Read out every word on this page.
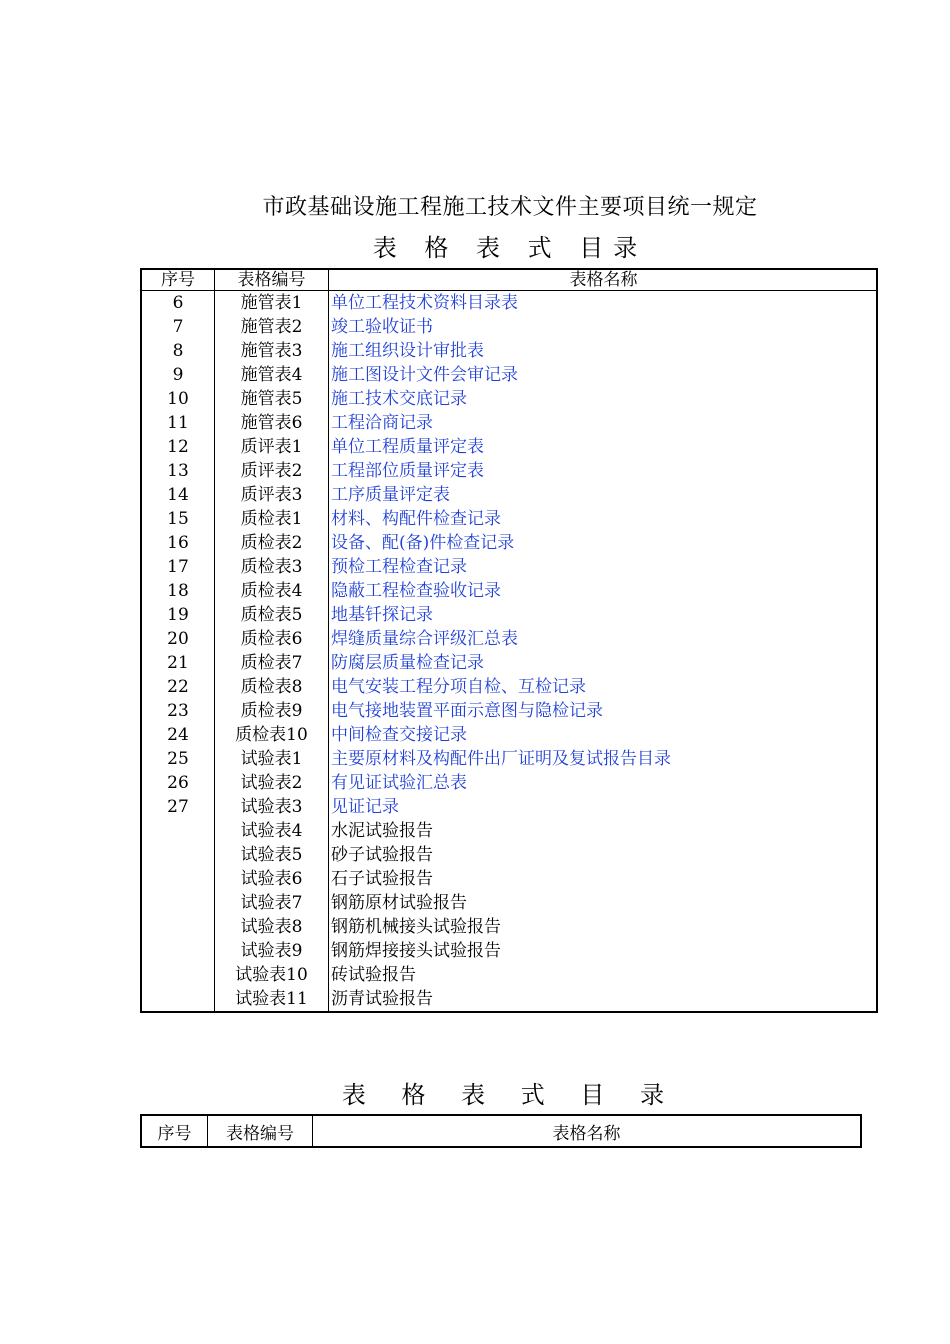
市政基础设施工程施工技术文件主要项目统一规定
表 格 表 式 目录
序号	表格编号	表格名称
6	施管表1	单位工程技术资料目录表
7	施管表2	竣工验收证书
8	施管表3	施工组织设计审批表
9	施管表4	施工图设计文件会审记录
10	施管表5	施工技术交底记录
11	施管表6	工程洽商记录
12	质评表1	单位工程质量评定表
13	质评表2	工程部位质量评定表
14	质评表3	工序质量评定表
15	质检表1	材料、构配件检查记录
16	质检表2	设备、配(备)件检查记录
17	质检表3	预检工程检查记录
18	质检表4	隐蔽工程检查验收记录
19	质检表5	地基钎探记录
20	质检表6	焊缝质量综合评级汇总表
21	质检表7	防腐层质量检查记录
22	质检表8	电气安装工程分项自检、互检记录
23	质检表9	电气接地装置平面示意图与隐检记录
24	质检表10	中间检查交接记录
25	试验表1	主要原材料及构配件出厂证明及复试报告目录
26	试验表2	有见证试验汇总表
27	试验表3	见证记录
	试验表4	水泥试验报告
	试验表5	砂子试验报告
	试验表6	石子试验报告
	试验表7	钢筋原材试验报告
	试验表8	钢筋机械接头试验报告
	试验表9	钢筋焊接接头试验报告
	试验表10	砖试验报告
	试验表11	沥青试验报告
表 格 表 式 目 录
序号	表格编号	表格名称
